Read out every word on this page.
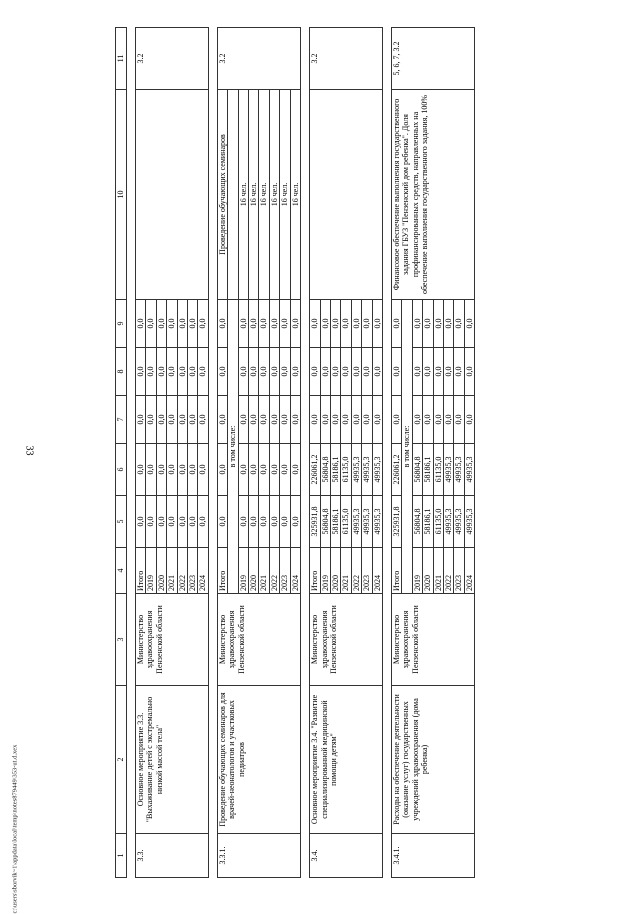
33
c:\users\sborvik~1\appdata\local\temp\notes879449\353-ut.d.xex	1	2	3	4	5	6	7	8	9	10	11

3.3.	Основное мероприятие 3.3. "Выхаживание детей с экстремально низкой массой тела"	Министерство здравоохранения Пензенской области	Итого	0,0	0,0	0,0	0,0	0,0		3.2
			2019	0,0	0,0	0,0	0,0	0,0		
			2020	0,0	0,0	0,0	0,0	0,0		
			2021	0,0	0,0	0,0	0,0	0,0		
			2022	0,0	0,0	0,0	0,0	0,0		
			2023	0,0	0,0	0,0	0,0	0,0		
			2024	0,0	0,0	0,0	0,0	0,0		

3.3.1.	Проведение обучающих семинаров для врачей-неонатологов и участковых педиатров	Министерство здравоохранения Пензенской области	Итого	0,0	0,0	0,0	0,0	0,0	Проведение обучающих семинаров	3.2
			в том числе:							
			2019	0,0	0,0	0,0	0,0	0,0	16 чел.	
			2020	0,0	0,0	0,0	0,0	0,0	16 чел.	
			2021	0,0	0,0	0,0	0,0	0,0	16 чел.	
			2022	0,0	0,0	0,0	0,0	0,0	16 чел.	
			2023	0,0	0,0	0,0	0,0	0,0	16 чел.	
			2024	0,0	0,0	0,0	0,0	0,0	16 чел.	

3.4.	Основное мероприятие 3.4. "Развитие специализированной медицинской помощи детям"	Министерство здравоохранения Пензенской области	Итого	325931,8	226061,2	0,0	0,0	0,0		3.2
			2019	56804,8	56804,8	0,0	0,0	0,0		
			2020	58186,1	58186,1	0,0	0,0	0,0		
			2021	61135,0	61135,0	0,0	0,0	0,0		
			2022	49935,3	49935,3	0,0	0,0	0,0		
			2023	49935,3	49935,3	0,0	0,0	0,0		
			2024	49935,3	49935,3	0,0	0,0	0,0		

3.4.1.	Расходы на обеспечение деятельности (оказание услуг) государственных учреждений здравоохранения (дома ребенка)	Министерство здравоохранения Пензенской области	Итого	325931,8	226061,2	0,0	0,0	0,0	Финансовое обеспечение выполнения государственного задания ГБУЗ "Пензенский дом ребенка". Доля профинансированных средств, направленных на обеспечение выполнения государственного задания, 100%	5, 6, 7, 3.2
			в том числе:							
			2019	56804,8	56804,8	0,0	0,0	0,0		
			2020	58186,1	58186,1	0,0	0,0	0,0		
			2021	61135,0	61135,0	0,0	0,0	0,0		
			2022	49935,3	49935,3	0,0	0,0	0,0		
			2023	49935,3	49935,3	0,0	0,0	0,0		
			2024	49935,3	49935,3	0,0	0,0	0,0		
